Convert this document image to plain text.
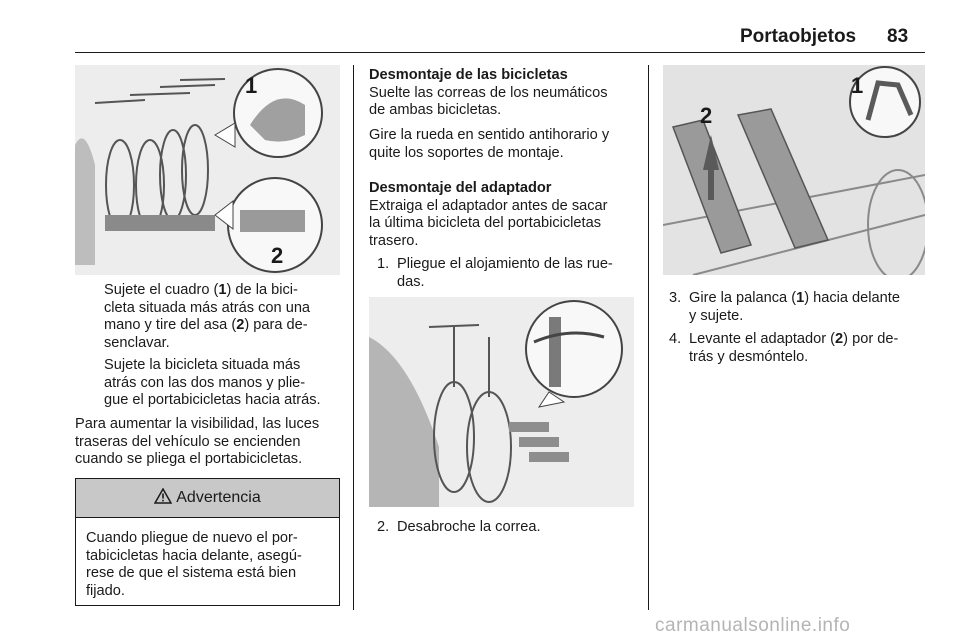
Portaobjetos 83
1
2
Sujete el cuadro (1) de la bici-
cleta situada más atrás con una
mano y tire del asa (2) para de-
senclavar.
Sujete la bicicleta situada más
atrás con las dos manos y plie-
gue el portabicicletas hacia atrás.
Para aumentar la visibilidad, las luces
traseras del vehículo se encienden
cuando se pliega el portabicicletas.
Advertencia
Cuando pliegue de nuevo el por-
tabicicletas hacia delante, asegú-
rese de que el sistema está bien
fijado.
Desmontaje de las bicicletas
Suelte las correas de los neumáticos
de ambas bicicletas.
Gire la rueda en sentido antihorario y
quite los soportes de montaje.
Desmontaje del adaptador
Extraiga el adaptador antes de sacar
la última bicicleta del portabicicletas
trasero.
1. Pliegue el alojamiento de las rue-
das.
2. Desabroche la correa.
1
2
3. Gire la palanca (1) hacia delante
y sujete.
4. Levante el adaptador (2) por de-
trás y desmóntelo.
carmanualsonline.info
